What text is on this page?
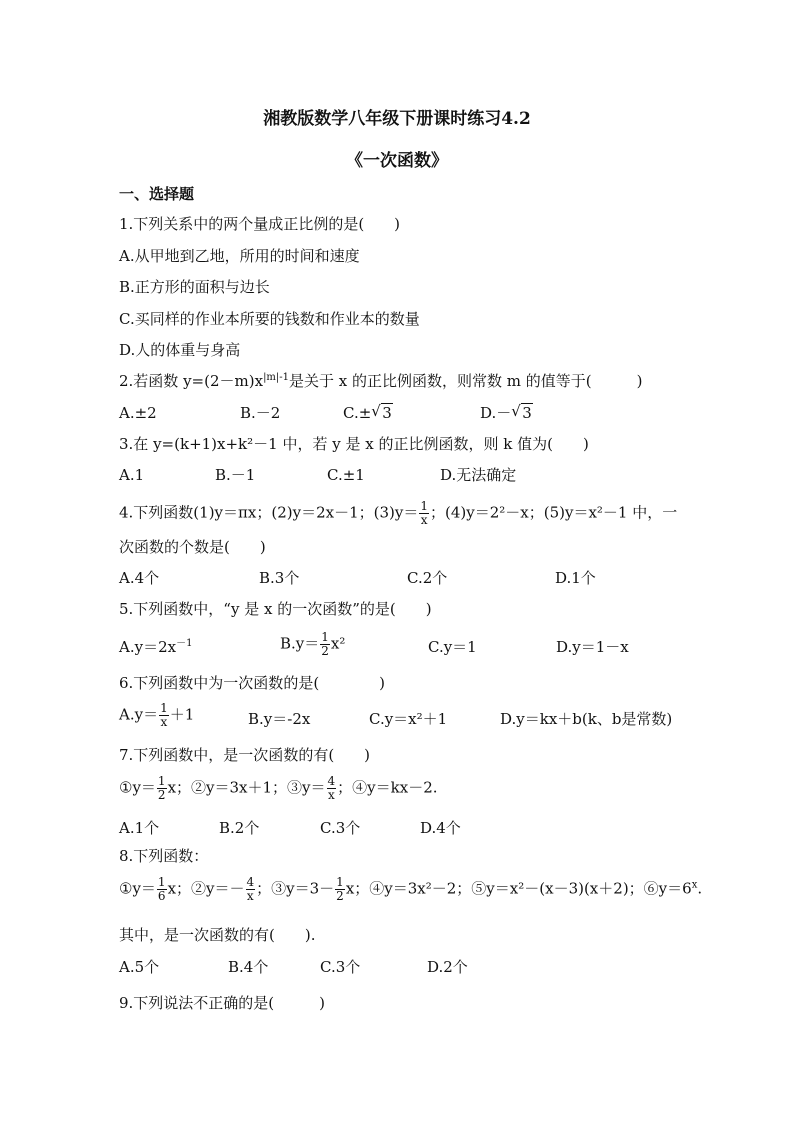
湘教版数学八年级下册课时练习4.2
《一次函数》
一、选择题
1.下列关系中的两个量成正比例的是(　　)
A.从甲地到乙地，所用的时间和速度
B.正方形的面积与边长
C.买同样的作业本所要的钱数和作业本的数量
D.人的体重与身高
2.若函数 $y=(2-m)x^{|m|-1}$是关于 x 的正比例函数，则常数 m 的值等于(　　　)
A.±2	B.－2	C.± √ 3	D.－ √ 3
3.在 y=(k+1)x+k²－1 中，若 y 是 x 的正比例函数，则 k 值为(　　)
A.1	B.－1	C.±1	D.无法确定
4.下列函数(1)y＝πx；(2)y＝2x－1；$(3)y= \frac{1}{x}$ ；(4)y＝2²－x；(5)y＝x²－1 中，一
次函数的个数是(　　)
A.4个	B.3个	C.2个	D.1个
5.下列函数中，“y 是 x 的一次函数”的是(　　)
$A.y=2x^{-1}$	$B.y= \frac{1}{2} x^2$	C.y＝1	D.y＝1－x
6.下列函数中为一次函数的是(　　　　)
$A.y= \frac{1}{x} +1$	B.y＝-2x	C.y＝x²＋1	D.y＝kx＋b(k、b是常数)
7.下列函数中，是一次函数的有(　　)
①y＝ $\frac{1}{2}$ x；②y＝3x＋1；③y＝ $\frac{4}{x}$ ；④y＝kx－2.
A.1个	B.2个	C.3个	D.4个
8.下列函数：
①y＝ $\frac{1}{6}$ x；②y＝－ $\frac{4}{x}$ ；③y＝3－ $\frac{1}{2}$ x；④y＝3x²－2；⑤y＝x²－(x－3)(x＋2)；$⑥y=6^x$.
其中，是一次函数的有(　　).
A.5个	B.4个	C.3个	D.2个
9.下列说法不正确的是(　　　)
